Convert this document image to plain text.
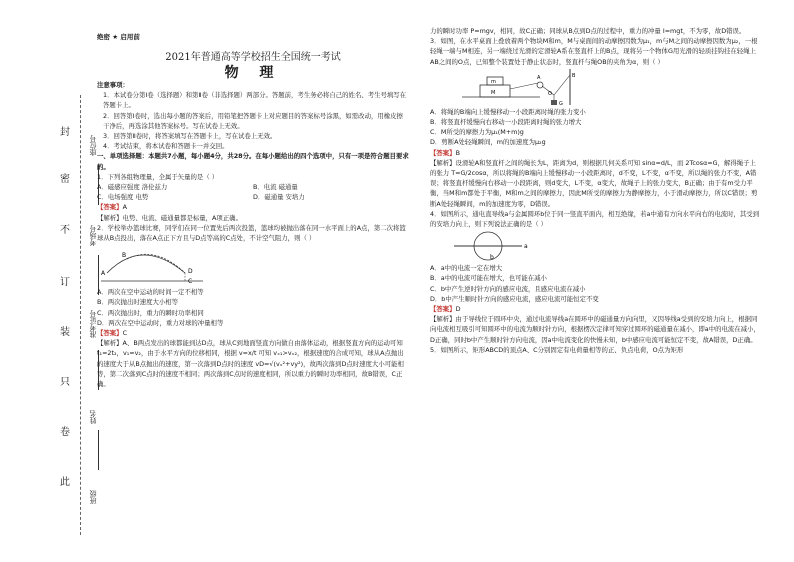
封
密
不
订
装
只
卷
此
座位号
考场号
准考证号
姓名
班级
绝密 ★ 启用前
2021年普通高等学校招生全国统一考试
物 理

注意事项：

1．本试卷分第Ⅰ卷（选择题）和第Ⅱ卷（非选择题）两部分。答题前，考生务必将自己的姓名、考生号填写在答题卡上。

2．回答第Ⅰ卷时，选出每小题的答案后，用铅笔把答题卡上对应题目的答案标号涂黑，如需改动，用橡皮擦干净后，再选涂其他答案标号。写在试卷上无效。

3．回答第Ⅱ卷时，将答案填写在答题卡上，写在试卷上无效。

4．考试结束，将本试卷和答题卡一并交回。

一、单项选择题：本题共7小题，每小题4分，共28分。在每小题给出的四个选项中，只有一项是符合题目要求的。

1．下列各组物理量，全属于矢量的是（ ）

A．磁感应强度 洛伦兹力	B．电流 磁通量
C．电场强度 电势	D．磁通量 安培力

【答案】A

【解析】电势、电流、磁通量都是标量，A项正确。

2．学校举办篮球比赛，同学们在同一位置先后两次投篮，篮球均被抛出落在同一水平面上的A点，第二次将篮球从B点投出，落在A点正下方且与D点等高的C点处，不计空气阻力，则（ ）

A
B
D
C

A．两次在空中运动的时间一定不相等

B．两次抛出时速度大小相等

C．两次抛出时，重力的瞬时功率相同

D．两次在空中运动时，重力对球的冲量相等

【答案】C

【解析】A、B两点发出的球都能到达D点，球从C到地面竖直方向做自由落体运动，根据竖直方向的运动可知 t₁=2t₂，v₁=v₂，由于水平方向的位移相同，根据 v=x/t 可知 vₓ₁>vₓ₂，根据速度的合成可知，球从A点抛出的速度大于从B点抛出的速度，第一次落到D点时的速度 vD=√(vₓ²+vy²)，故两次落到D点时速度大小可能相等，第二次落到C点时的速度不相同；两次落到C点时的速度相同，所以重力的瞬时功率相同，故B错误，C正确。

力的瞬时功率 P=mgv，相同，故C正确；同球从B点到D点的过程中，重力的冲量 I=mgt，不为零，故D错误。

3．如图，在水平桌面上叠放着两个物块M和m，M与桌面间的动摩擦因数为μ₁，m与M之间的动摩擦因数为μ₂，一根轻绳一端与M相连，另一端绕过光滑的定滑轮A系在竖直杆上的B点，现将另一个物体G用光滑的轻质挂钩挂在轻绳上AB之间的O点，已知整个装置处于静止状态时，竖直杆与绳OB的夹角为α，则（ ）

m
M
A
O
B
G

A．将绳的B端向上缓慢移动一小段距离时绳的张力变小

B．将竖直杆缓慢向右移动一小段距离时绳的张力增大

C．M所受的摩擦力为μ₁(M+m)g

D．剪断A处轻绳瞬间，m的加速度为μ₂g

【答案】B

【解析】设滑轮A和竖直杆之间的绳长为L，距离为d，则根据几何关系可知 sinα=d/L，而 2Tcosα=G，解得绳子上的张力 T=G/2cosα，所以将绳的B端向上缓慢移动一小段距离时，d不变，L不变，α不变，所以绳的张力不变，A错误；将竖直杆缓慢向右移动一小段距离，则d变大，L不变，α变大，故绳子上的张力变大，B正确；由于有m受力平衡，当M和m都处于平衡，M和m之间的摩擦力，因此M所受的摩擦力为静摩擦力，小于滑动摩擦力，所以C错误；剪断A处轻绳瞬间，m的加速度为零，D错误。

4．如图所示，通电直导线a与金属圆环b位于同一竖直平面内，相互绝缘，若a中通有方向水平向右的电流时，其受到的安培力向上，则下列说法正确的是（ ）

a
b

A．a中的电流一定在增大

B．a中的电流可能在增大，也可能在减小

C．b中产生逆时针方向的感应电流，且感应电流在减小

D．b中产生顺时针方向的感应电流，感应电流可能恒定不变

【答案】D

【解析】由于导线位于圆环中央，通过电流导线a在圆环中的磁通量方向向里，又因导线a受到的安培力向上，根据同向电流相互吸引可知圆环中的电流为顺时针方向，根据楞次定律可知穿过圆环的磁通量在减小，即a中的电流在减小，D正确，同时b中产生顺时针方向电流，因a中电流变化的快慢未知，b中感应电流可能恒定不变，故A错误，D正确。

5．如图所示，矩形ABCD的顶点A、C分别固定有电荷量相等的正、负点电荷，O点为矩形
